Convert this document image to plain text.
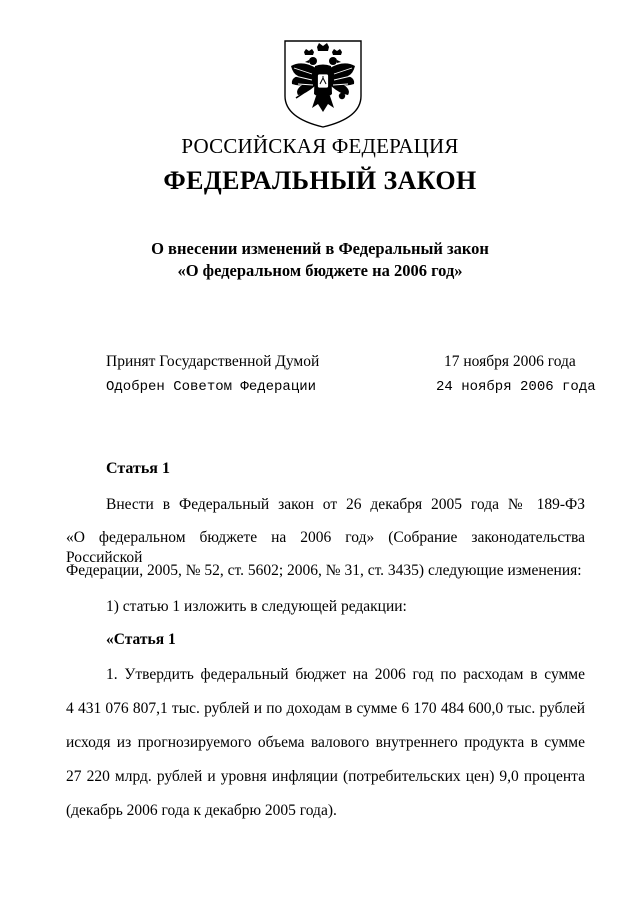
РОССИЙСКАЯ ФЕДЕРАЦИЯ
ФЕДЕРАЛЬНЫЙ ЗАКОН
О внесении изменений в Федеральный закон
«О федеральном бюджете на 2006 год»
Принят Государственной Думой	17 ноября 2006 года
Одобрен Советом Федерации	24 ноября 2006 года
Статья 1
Внести в Федеральный закон от 26 декабря 2005 года № 189-ФЗ
«О федеральном бюджете на 2006 год» (Собрание законодательства Российской
Федерации, 2005, № 52, ст. 5602; 2006, № 31, ст. 3435) следующие изменения:
1) статью 1 изложить в следующей редакции:
«Статья 1
1. Утвердить федеральный бюджет на 2006 год по расходам в сумме
4 431 076 807,1 тыс. рублей и по доходам в сумме 6 170 484 600,0 тыс. рублей
исходя из прогнозируемого объема валового внутреннего продукта в сумме
27 220 млрд. рублей и уровня инфляции (потребительских цен) 9,0 процента
(декабрь 2006 года к декабрю 2005 года).
